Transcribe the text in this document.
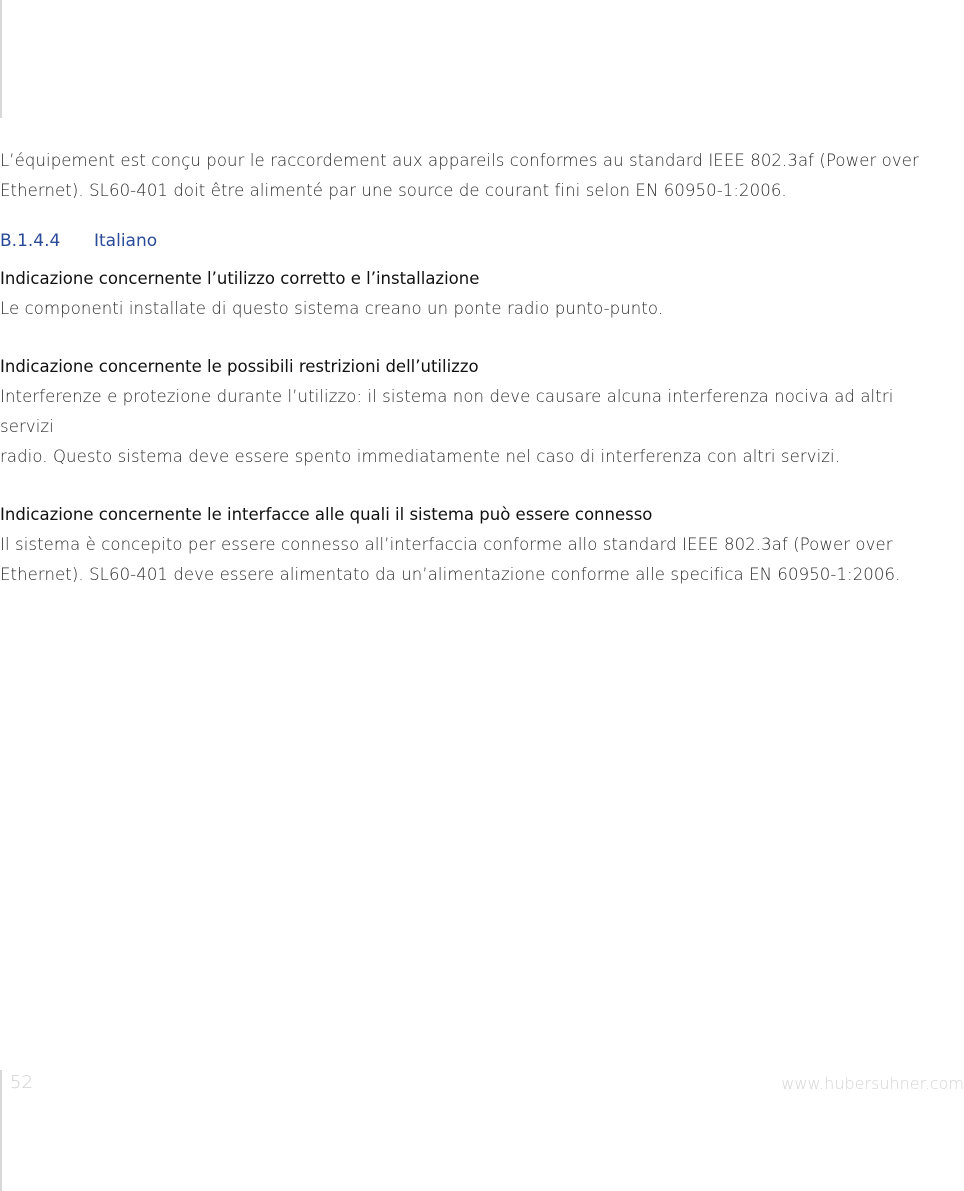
L’équipement est conçu pour le raccordement aux appareils conformes au standard IEEE 802.3af (Power over

Ethernet). SL60-401 doit être alimenté par une source de courant fini selon EN 60950-1:2006.

B.1.4.4 Italiano

Indicazione concernente l’utilizzo corretto e l’installazione

Le componenti installate di questo sistema creano un ponte radio punto-punto.

Indicazione concernente le possibili restrizioni dell’utilizzo

Interferenze e protezione durante l’utilizzo: il sistema non deve causare alcuna interferenza nociva ad altri servizi

radio. Questo sistema deve essere spento immediatamente nel caso di interferenza con altri servizi.

Indicazione concernente le interfacce alle quali il sistema può essere connesso

Il sistema è concepito per essere connesso all’interfaccia conforme allo standard IEEE 802.3af (Power over

Ethernet). SL60-401 deve essere alimentato da un’alimentazione conforme alle specifica EN 60950-1:2006.

52	www.hubersuhner.com
